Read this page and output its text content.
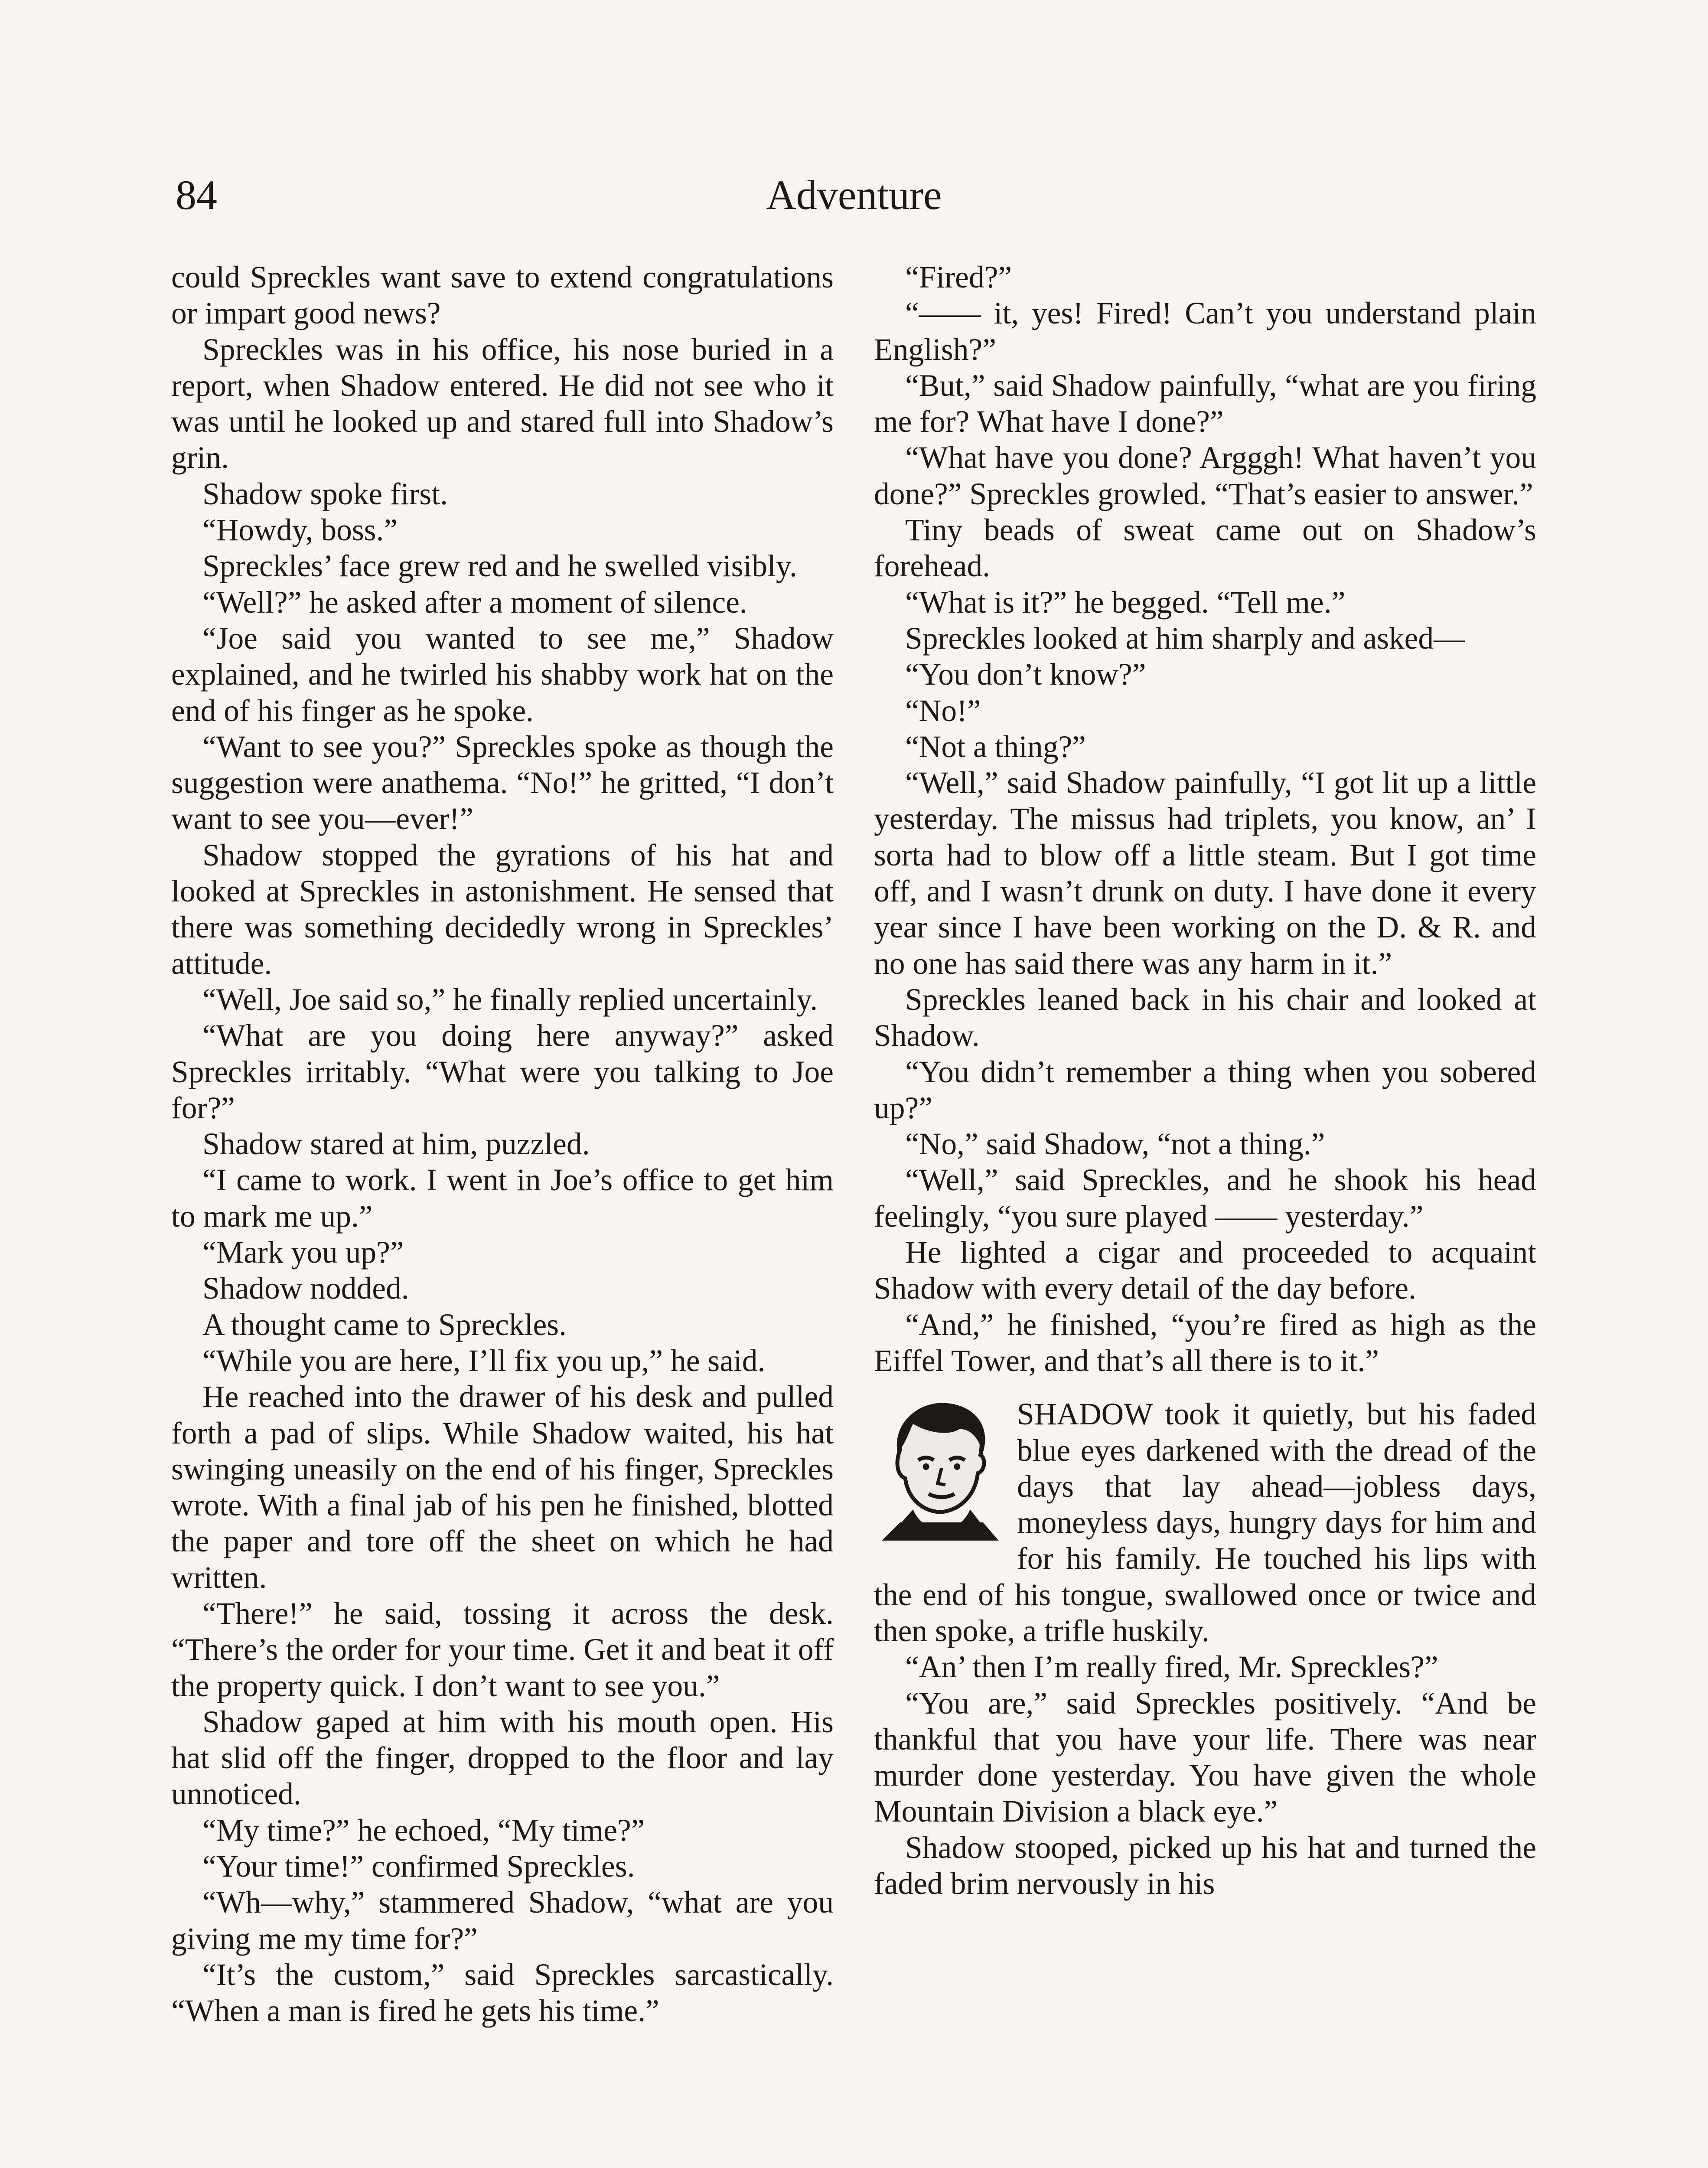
84	Adventure

could Spreckles want save to extend congratulations or impart good news?

Spreckles was in his office, his nose buried in a report, when Shadow entered. He did not see who it was until he looked up and stared full into Shadow’s grin.

Shadow spoke first.

“Howdy, boss.”

Spreckles’ face grew red and he swelled visibly.

“Well?” he asked after a moment of silence.

“Joe said you wanted to see me,” Shadow explained, and he twirled his shabby work hat on the end of his finger as he spoke.

“Want to see you?” Spreckles spoke as though the suggestion were anathema. “No!” he gritted, “I don’t want to see you—ever!”

Shadow stopped the gyrations of his hat and looked at Spreckles in astonishment. He sensed that there was something decidedly wrong in Spreckles’ attitude.

“Well, Joe said so,” he finally replied uncertainly.

“What are you doing here anyway?” asked Spreckles irritably. “What were you talking to Joe for?”

Shadow stared at him, puzzled.

“I came to work. I went in Joe’s office to get him to mark me up.”

“Mark you up?”

Shadow nodded.

A thought came to Spreckles.

“While you are here, I’ll fix you up,” he said.

He reached into the drawer of his desk and pulled forth a pad of slips. While Shadow waited, his hat swinging uneasily on the end of his finger, Spreckles wrote. With a final jab of his pen he finished, blotted the paper and tore off the sheet on which he had written.

“There!” he said, tossing it across the desk. “There’s the order for your time. Get it and beat it off the property quick. I don’t want to see you.”

Shadow gaped at him with his mouth open. His hat slid off the finger, dropped to the floor and lay unnoticed.

“My time?” he echoed, “My time?”

“Your time!” confirmed Spreckles.

“Wh—why,” stammered Shadow, “what are you giving me my time for?”

“It’s the custom,” said Spreckles sarcastically. “When a man is fired he gets his time.”

“Fired?”

“—— it, yes! Fired! Can’t you understand plain English?”

“But,” said Shadow painfully, “what are you firing me for? What have I done?”

“What have you done? Argggh! What haven’t you done?” Spreckles growled. “That’s easier to answer.”

Tiny beads of sweat came out on Shadow’s forehead.

“What is it?” he begged. “Tell me.”

Spreckles looked at him sharply and asked—

“You don’t know?”

“No!”

“Not a thing?”

“Well,” said Shadow painfully, “I got lit up a little yesterday. The missus had triplets, you know, an’ I sorta had to blow off a little steam. But I got time off, and I wasn’t drunk on duty. I have done it every year since I have been working on the D. & R. and no one has said there was any harm in it.”

Spreckles leaned back in his chair and looked at Shadow.

“You didn’t remember a thing when you sobered up?”

“No,” said Shadow, “not a thing.”

“Well,” said Spreckles, and he shook his head feelingly, “you sure played —— yesterday.”

He lighted a cigar and proceeded to acquaint Shadow with every detail of the day before.

“And,” he finished, “you’re fired as high as the Eiffel Tower, and that’s all there is to it.”

SHADOW took it quietly, but his faded blue eyes darkened with the dread of the days that lay ahead—jobless days, moneyless days, hungry days for him and for his family. He touched his lips with the end of his tongue, swallowed once or twice and then spoke, a trifle huskily.

“An’ then I’m really fired, Mr. Spreckles?”

“You are,” said Spreckles positively. “And be thankful that you have your life. There was near murder done yesterday. You have given the whole Mountain Division a black eye.”

Shadow stooped, picked up his hat and turned the faded brim nervously in his
